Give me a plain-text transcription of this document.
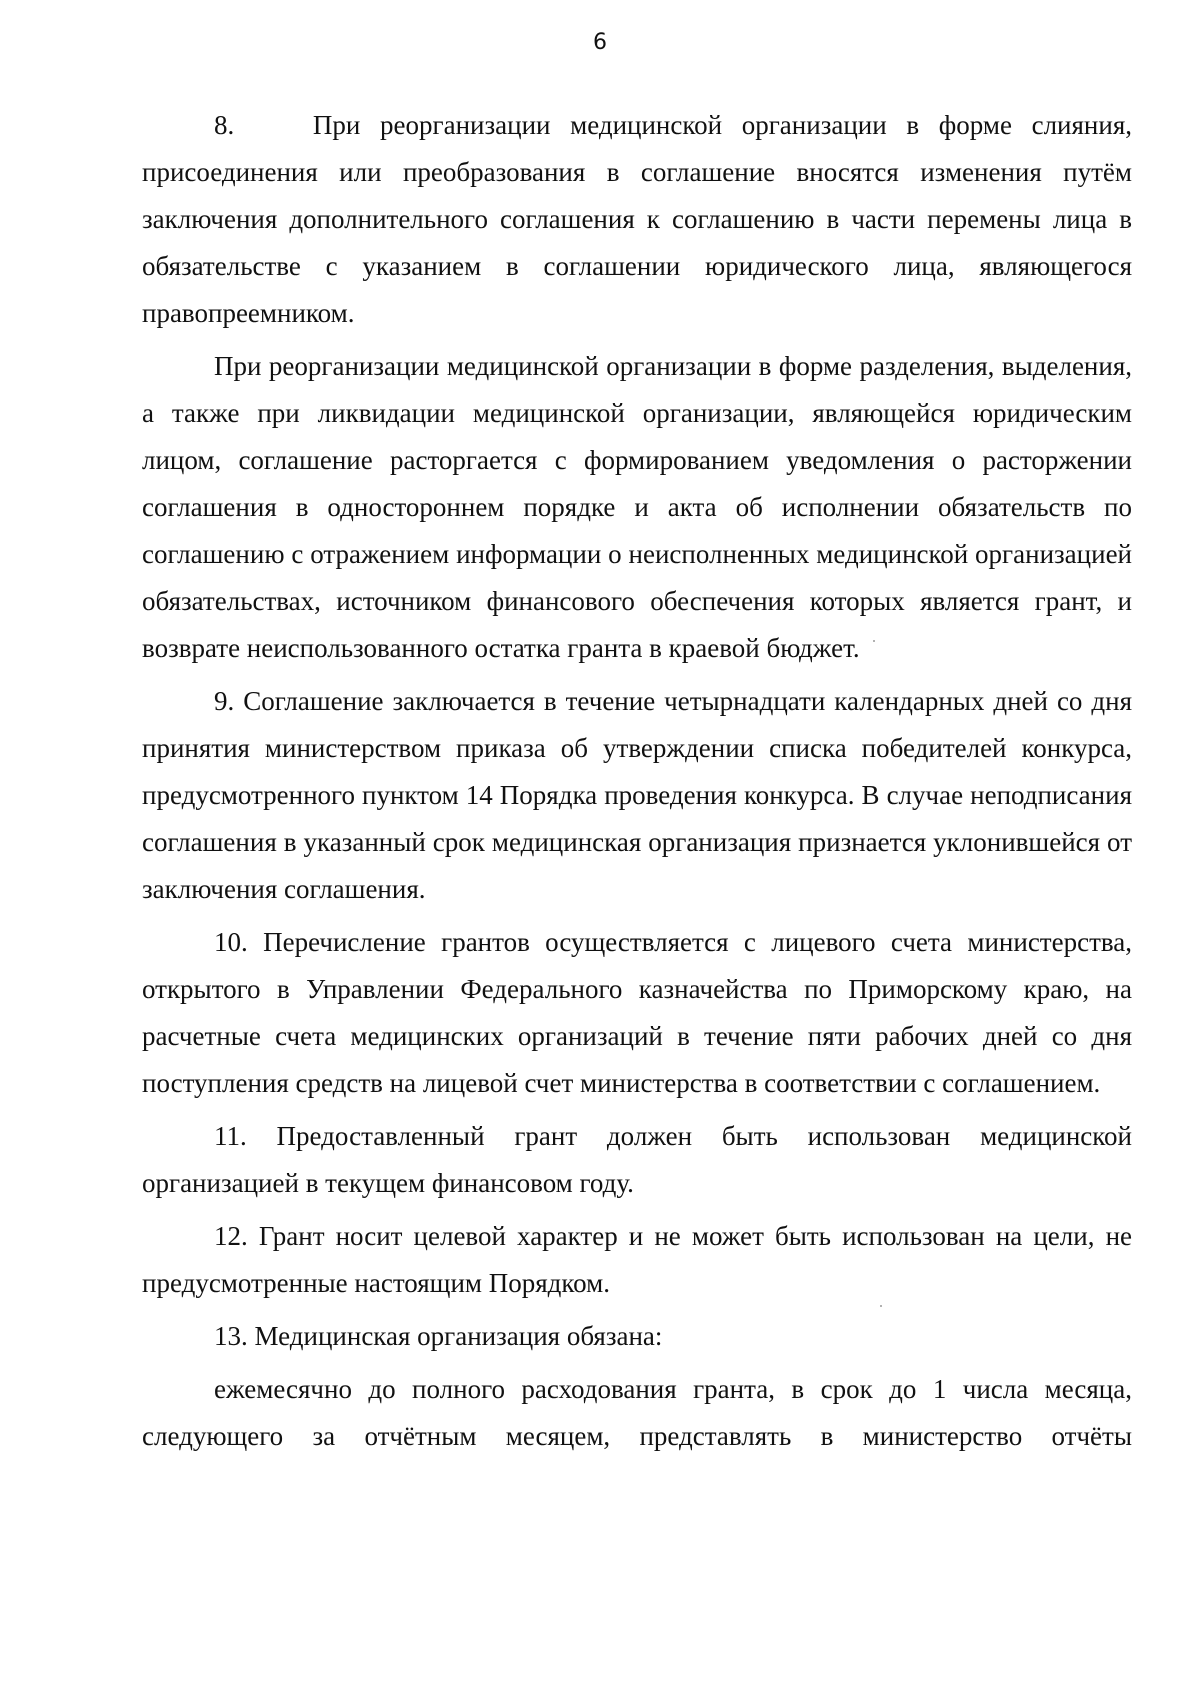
6

8.    При реорганизации медицинской организации в форме слияния, присоединения или преобразования в соглашение вносятся изменения путём заключения дополнительного соглашения к соглашению в части перемены лица в обязательстве с указанием в соглашении юридического лица, являющегося правопреемником.

При реорганизации медицинской организации в форме разделения, выделения, а также при ликвидации медицинской организации, являющейся юридическим лицом, соглашение расторгается с формированием уведомления о расторжении соглашения в одностороннем порядке и акта об исполнении обязательств по соглашению с отражением информации о неисполненных медицинской организацией обязательствах, источником финансового обеспечения которых является грант, и возврате неиспользованного остатка гранта в краевой бюджет.

9. Соглашение заключается в течение четырнадцати календарных дней со дня принятия министерством приказа об утверждении списка победителей конкурса, предусмотренного пунктом 14 Порядка проведения конкурса. В случае неподписания соглашения в указанный срок медицинская организация признается уклонившейся от заключения соглашения.

10. Перечисление грантов осуществляется с лицевого счета министерства, открытого в Управлении Федерального казначейства по Приморскому краю, на расчетные счета медицинских организаций в течение пяти рабочих дней со дня поступления средств на лицевой счет министерства в соответствии с соглашением.

11. Предоставленный грант должен быть использован медицинской организацией в текущем финансовом году.

12. Грант носит целевой характер и не может быть использован на цели, не предусмотренные настоящим Порядком.

13. Медицинская организация обязана:

ежемесячно до полного расходования гранта, в срок до 1 числа месяца, следующего за отчётным месяцем, представлять в министерство отчёты
